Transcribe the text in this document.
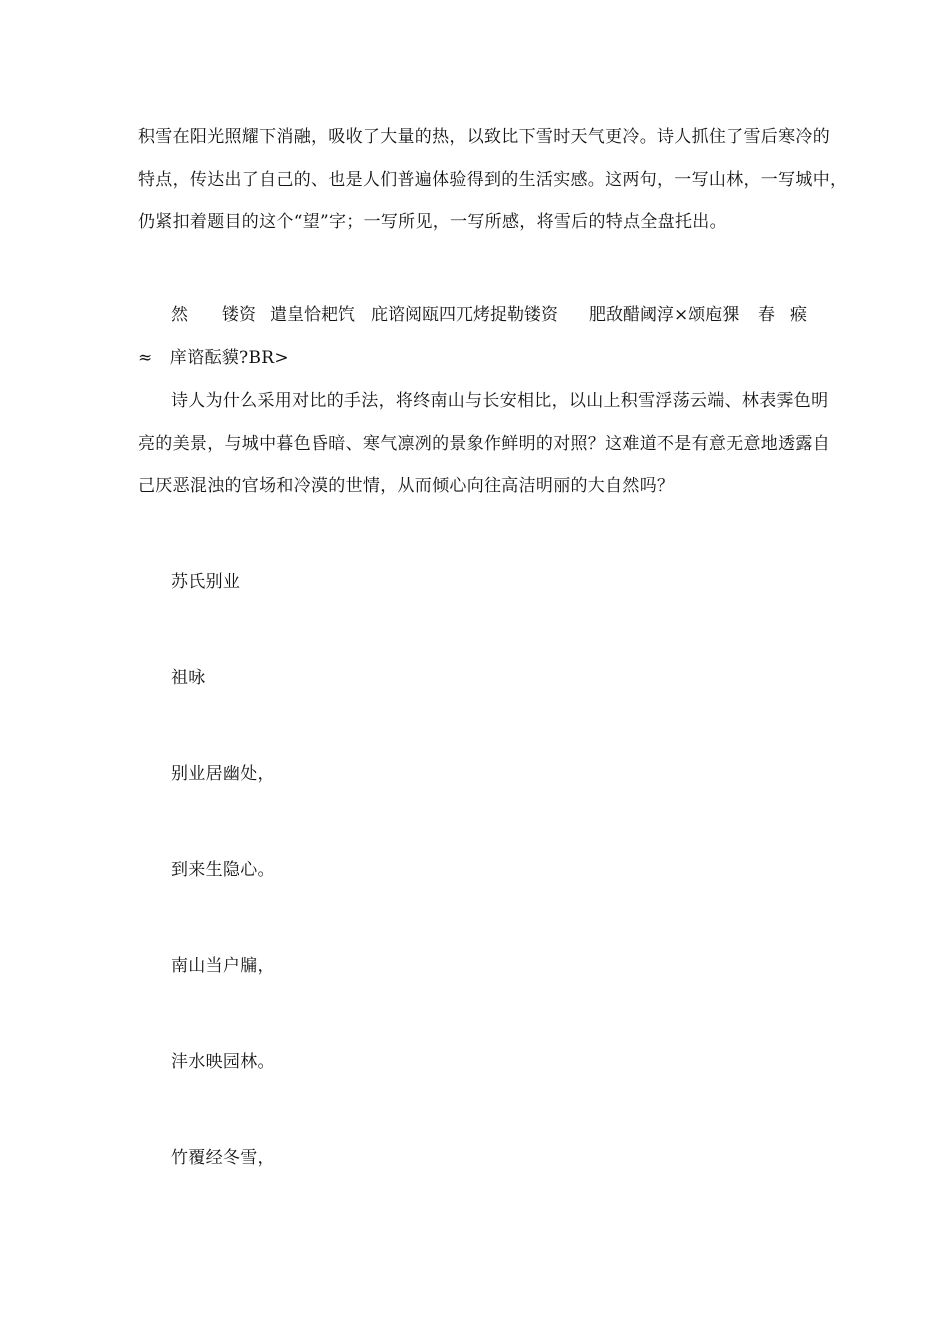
积雪在阳光照耀下消融，吸收了大量的热，以致比下雪时天气更冷。诗人抓住了雪后寒冷的
特点，传达出了自己的、也是人们普遍体验得到的生活实感。这两句，一写山林，一写城中，
仍紧扣着题目的这个“望”字；一写所见，一写所感，将雪后的特点全盘托出。
然 镂资 遣皇恰耙饩 庇谘阅瓯四兀烤捉勒镂资 肥敌醋阈淳×颂庖猓 春 瘊
≈　庠谘酝貘?BR>
诗人为什么采用对比的手法，将终南山与长安相比，以山上积雪浮荡云端、林表霁色明
亮的美景，与城中暮色昏暗、寒气凛冽的景象作鲜明的对照？这难道不是有意无意地透露自
己厌恶混浊的官场和冷漠的世情，从而倾心向往高洁明丽的大自然吗？
苏氏别业
祖咏
别业居幽处，
到来生隐心。
南山当户牖，
沣水映园林。
竹覆经冬雪，
